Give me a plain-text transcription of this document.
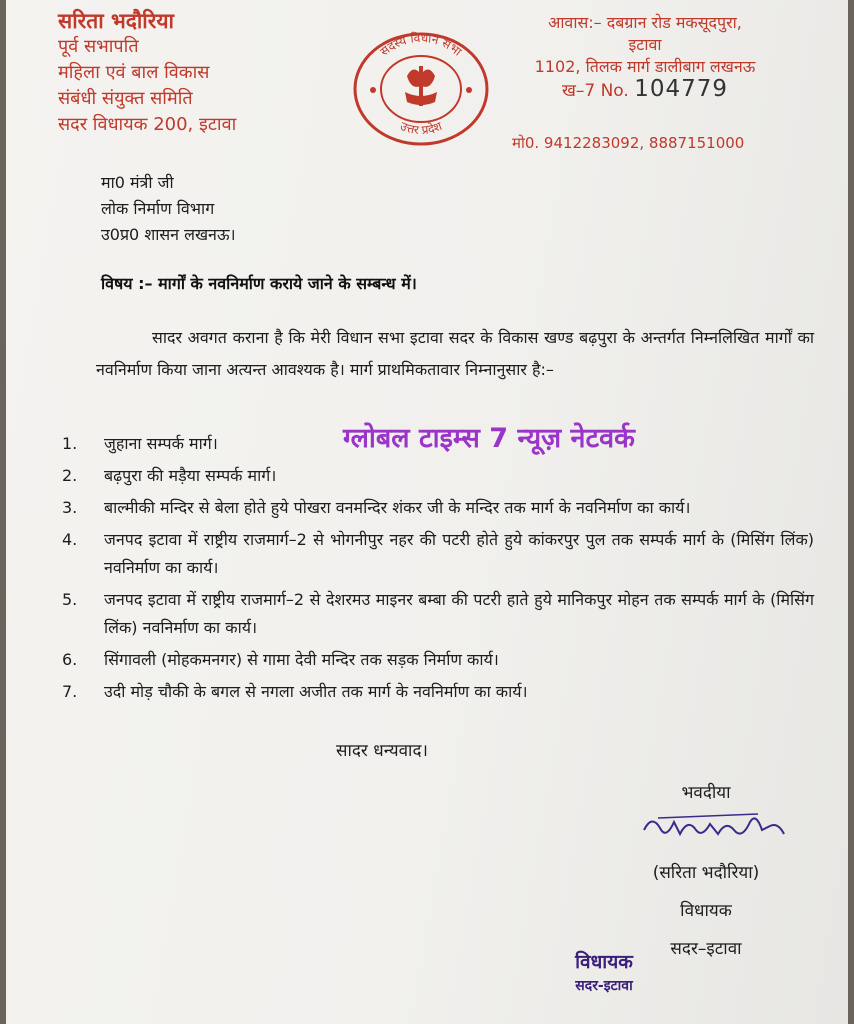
सरिता भदौरिया
पूर्व सभापति
महिला एवं बाल विकास
संबंधी संयुक्त समिति
सदर विधायक 200, इटावा
सदस्य विधान सभा
उत्तर प्रदेश
आवास:– दबग्रान रोड मकसूदपुरा,
इटावा
1102, तिलक मार्ग डालीबाग लखनऊ
ख–7 No. 104779
मो0. 9412283092, 8887151000
मा0 मंत्री जी
लोक निर्माण विभाग
उ0प्र0 शासन लखनऊ।
विषय :– मार्गों के नवनिर्माण कराये जाने के सम्बन्ध में।
सादर अवगत कराना है कि मेरी विधान सभा इटावा सदर के विकास खण्ड बढ़पुरा के अन्तर्गत निम्नलिखित मार्गों का नवनिर्माण किया जाना अत्यन्त आवश्यक है। मार्ग प्राथमिकतावार निम्नानुसार है:–
1. जुहाना सम्पर्क मार्ग।
2. बढ़पुरा की मड़ैया सम्पर्क मार्ग।
3. बाल्मीकी मन्दिर से बेला होते हुये पोखरा वनमन्दिर शंकर जी के मन्दिर तक मार्ग के नवनिर्माण का कार्य।
4. जनपद इटावा में राष्ट्रीय राजमार्ग–2 से भोगनीपुर नहर की पटरी होते हुये कांकरपुर पुल तक सम्पर्क मार्ग के (मिसिंग लिंक) नवनिर्माण का कार्य।
5. जनपद इटावा में राष्ट्रीय राजमार्ग–2 से देशरमउ माइनर बम्बा की पटरी हाते हुये मानिकपुर मोहन तक सम्पर्क मार्ग के (मिसिंग लिंक) नवनिर्माण का कार्य।
6. सिंगावली (मोहकमनगर) से गामा देवी मन्दिर तक सड़क निर्माण कार्य।
7. उदी मोड़ चौकी के बगल से नगला अजीत तक मार्ग के नवनिर्माण का कार्य।
ग्लोबल टाइम्स 7 न्यूज़ नेटवर्क
सादर धन्यवाद।
भवदीया
(सरिता भदौरिया)
विधायक
सदर–इटावा
विधायक
सदर-इटावा
